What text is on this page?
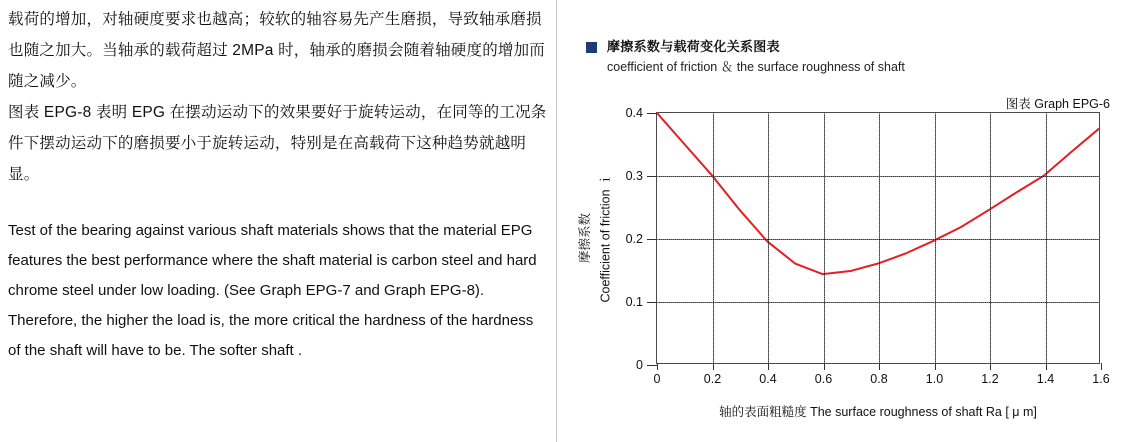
载荷的增加，对轴硬度要求也越高；较软的轴容易先产生磨损，导致轴承磨损也随之加大。当轴承的载荷超过 2MPa 时，轴承的磨损会随着轴硬度的增加而随之减少。

图表 EPG-8 表明 EPG 在摆动运动下的效果要好于旋转运动，在同等的工况条件下摆动运动下的磨损要小于旋转运动，特别是在高载荷下这种趋势就越明显。

Test of the bearing against various shaft materials shows that the material EPG features the best performance where the shaft material is carbon steel and hard chrome steel under low loading. (See Graph EPG-7 and Graph EPG-8). Therefore, the higher the load is, the more critical the hardness of the hardness of the shaft will have to be. The softer shaft .

摩擦系数与载荷变化关系图表
coefficient of friction ＆ the surface roughness of shaft
图表 Graph EPG-6
Coefficient of friction ｉ
摩擦系数
0
0.1
0.2
0.3
0.4
0	0.2	0.4	0.6	0.8	1.0	1.2	1.4	1.6
轴的表面粗糙度 The surface roughness of shaft Ra [ μ m]
